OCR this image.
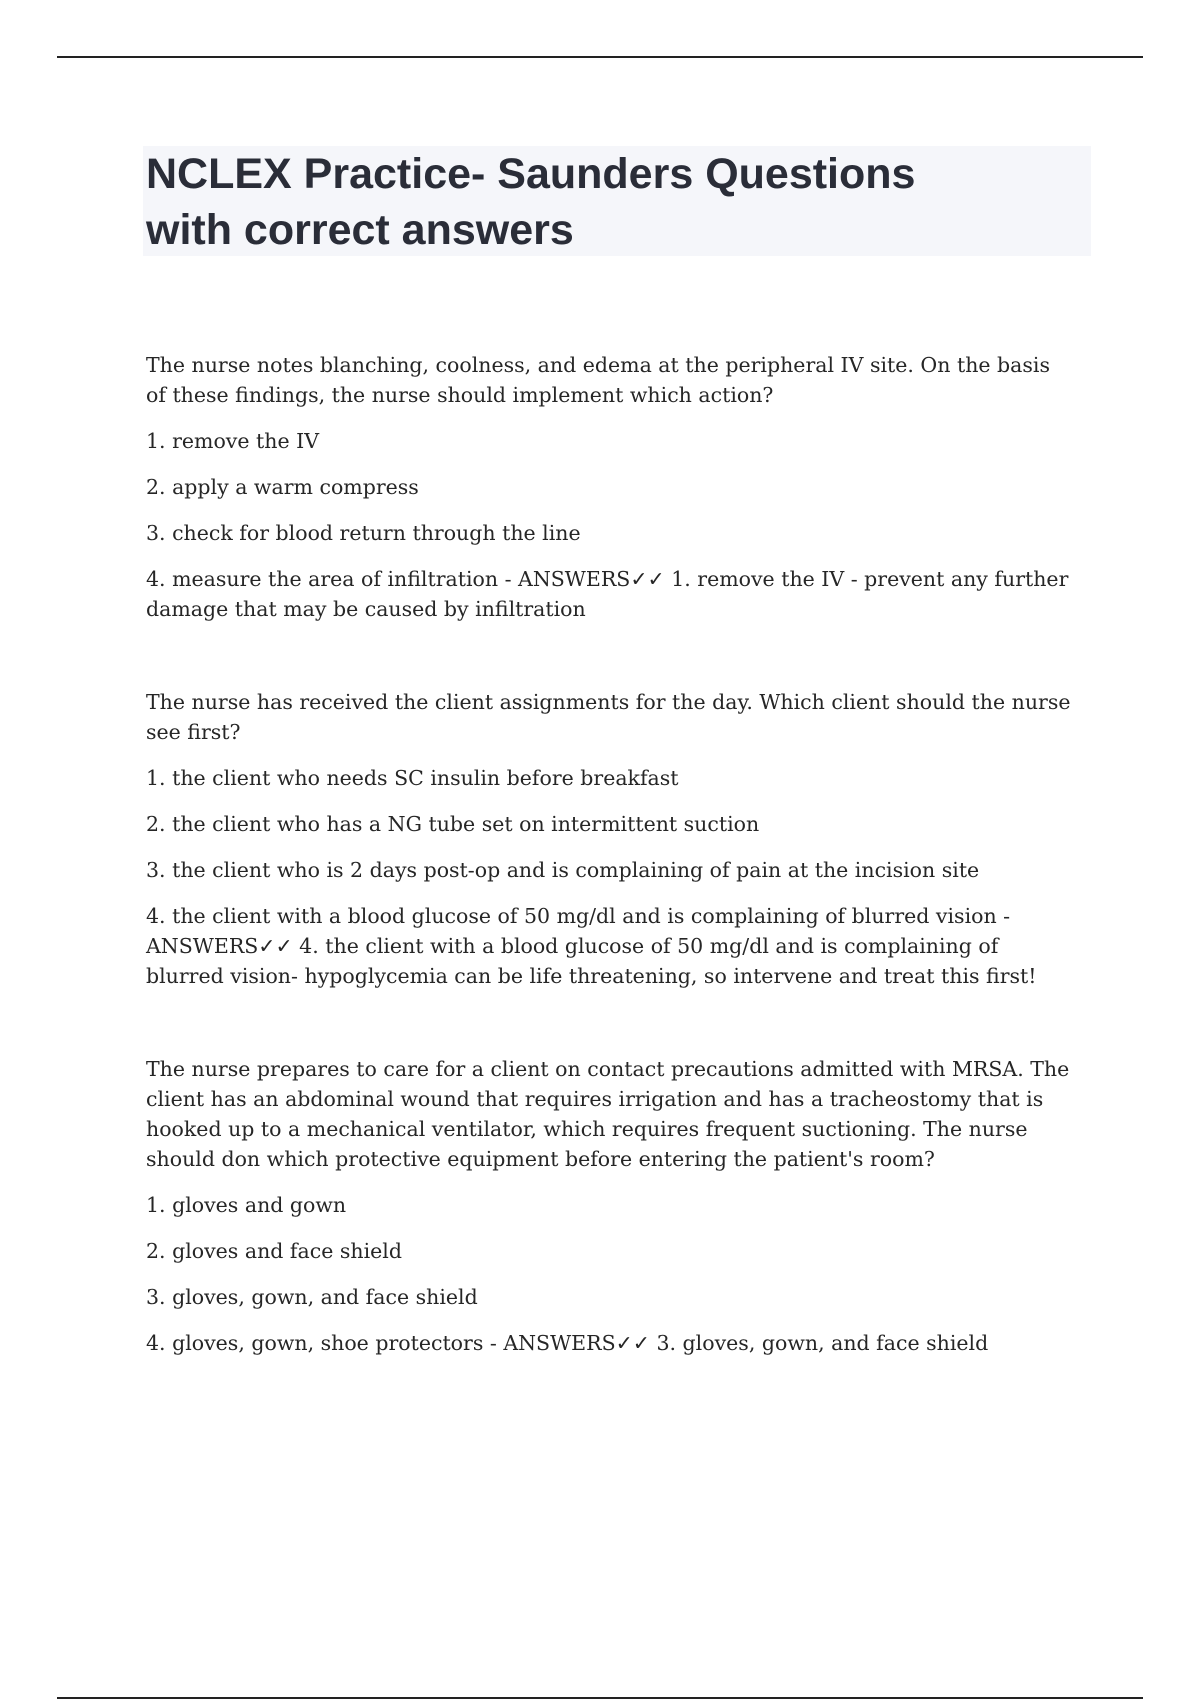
NCLEX Practice- Saunders Questions
with correct answers
The nurse notes blanching, coolness, and edema at the peripheral IV site. On the basis of these findings, the nurse should implement which action?
1. remove the IV
2. apply a warm compress
3. check for blood return through the line
4. measure the area of infiltration - ANSWERS✓✓ 1. remove the IV - prevent any further damage that may be caused by infiltration
The nurse has received the client assignments for the day. Which client should the nurse see first?
1. the client who needs SC insulin before breakfast
2. the client who has a NG tube set on intermittent suction
3. the client who is 2 days post-op and is complaining of pain at the incision site
4. the client with a blood glucose of 50 mg/dl and is complaining of blurred vision - ANSWERS✓✓ 4. the client with a blood glucose of 50 mg/dl and is complaining of blurred vision- hypoglycemia can be life threatening, so intervene and treat this first!
The nurse prepares to care for a client on contact precautions admitted with MRSA. The client has an abdominal wound that requires irrigation and has a tracheostomy that is hooked up to a mechanical ventilator, which requires frequent suctioning. The nurse should don which protective equipment before entering the patient's room?
1. gloves and gown
2. gloves and face shield
3. gloves, gown, and face shield
4. gloves, gown, shoe protectors - ANSWERS✓✓ 3. gloves, gown, and face shield
